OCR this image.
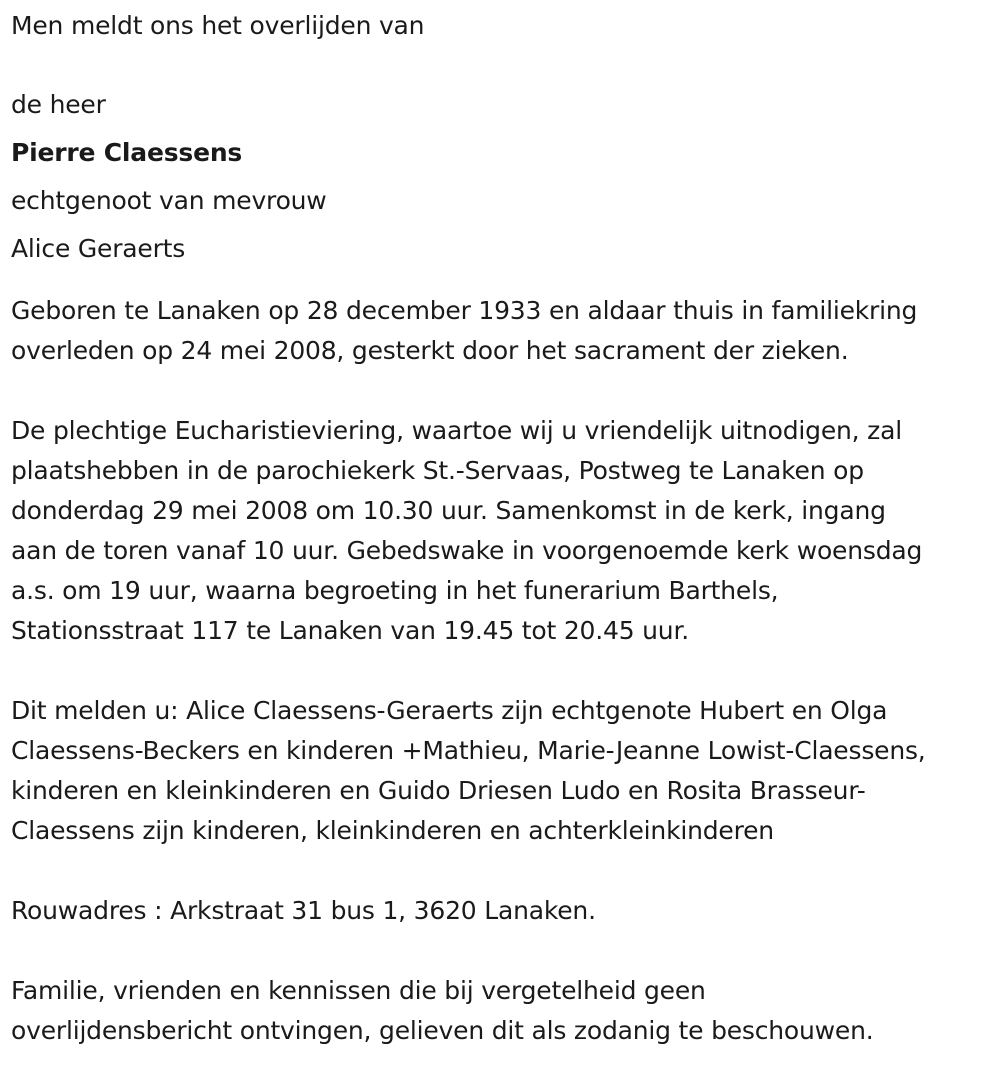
Men meldt ons het overlijden van

de heer

Pierre Claessens

echtgenoot van mevrouw

Alice Geraerts

Geboren te Lanaken op 28 december 1933 en aldaar thuis in familiekring
overleden op 24 mei 2008, gesterkt door het sacrament der zieken.
De plechtige Eucharistieviering, waartoe wij u vriendelijk uitnodigen, zal
plaatshebben in de parochiekerk St.-Servaas, Postweg te Lanaken op
donderdag 29 mei 2008 om 10.30 uur. Samenkomst in de kerk, ingang
aan de toren vanaf 10 uur. Gebedswake in voorgenoemde kerk woensdag
a.s. om 19 uur, waarna begroeting in het funerarium Barthels,
Stationsstraat 117 te Lanaken van 19.45 tot 20.45 uur.
Dit melden u: Alice Claessens-Geraerts zijn echtgenote Hubert en Olga
Claessens-Beckers en kinderen +Mathieu, Marie-Jeanne Lowist-Claessens,
kinderen en kleinkinderen en Guido Driesen Ludo en Rosita Brasseur-
Claessens zijn kinderen, kleinkinderen en achterkleinkinderen
Rouwadres : Arkstraat 31 bus 1, 3620 Lanaken.
Familie, vrienden en kennissen die bij vergetelheid geen
overlijdensbericht ontvingen, gelieven dit als zodanig te beschouwen.
